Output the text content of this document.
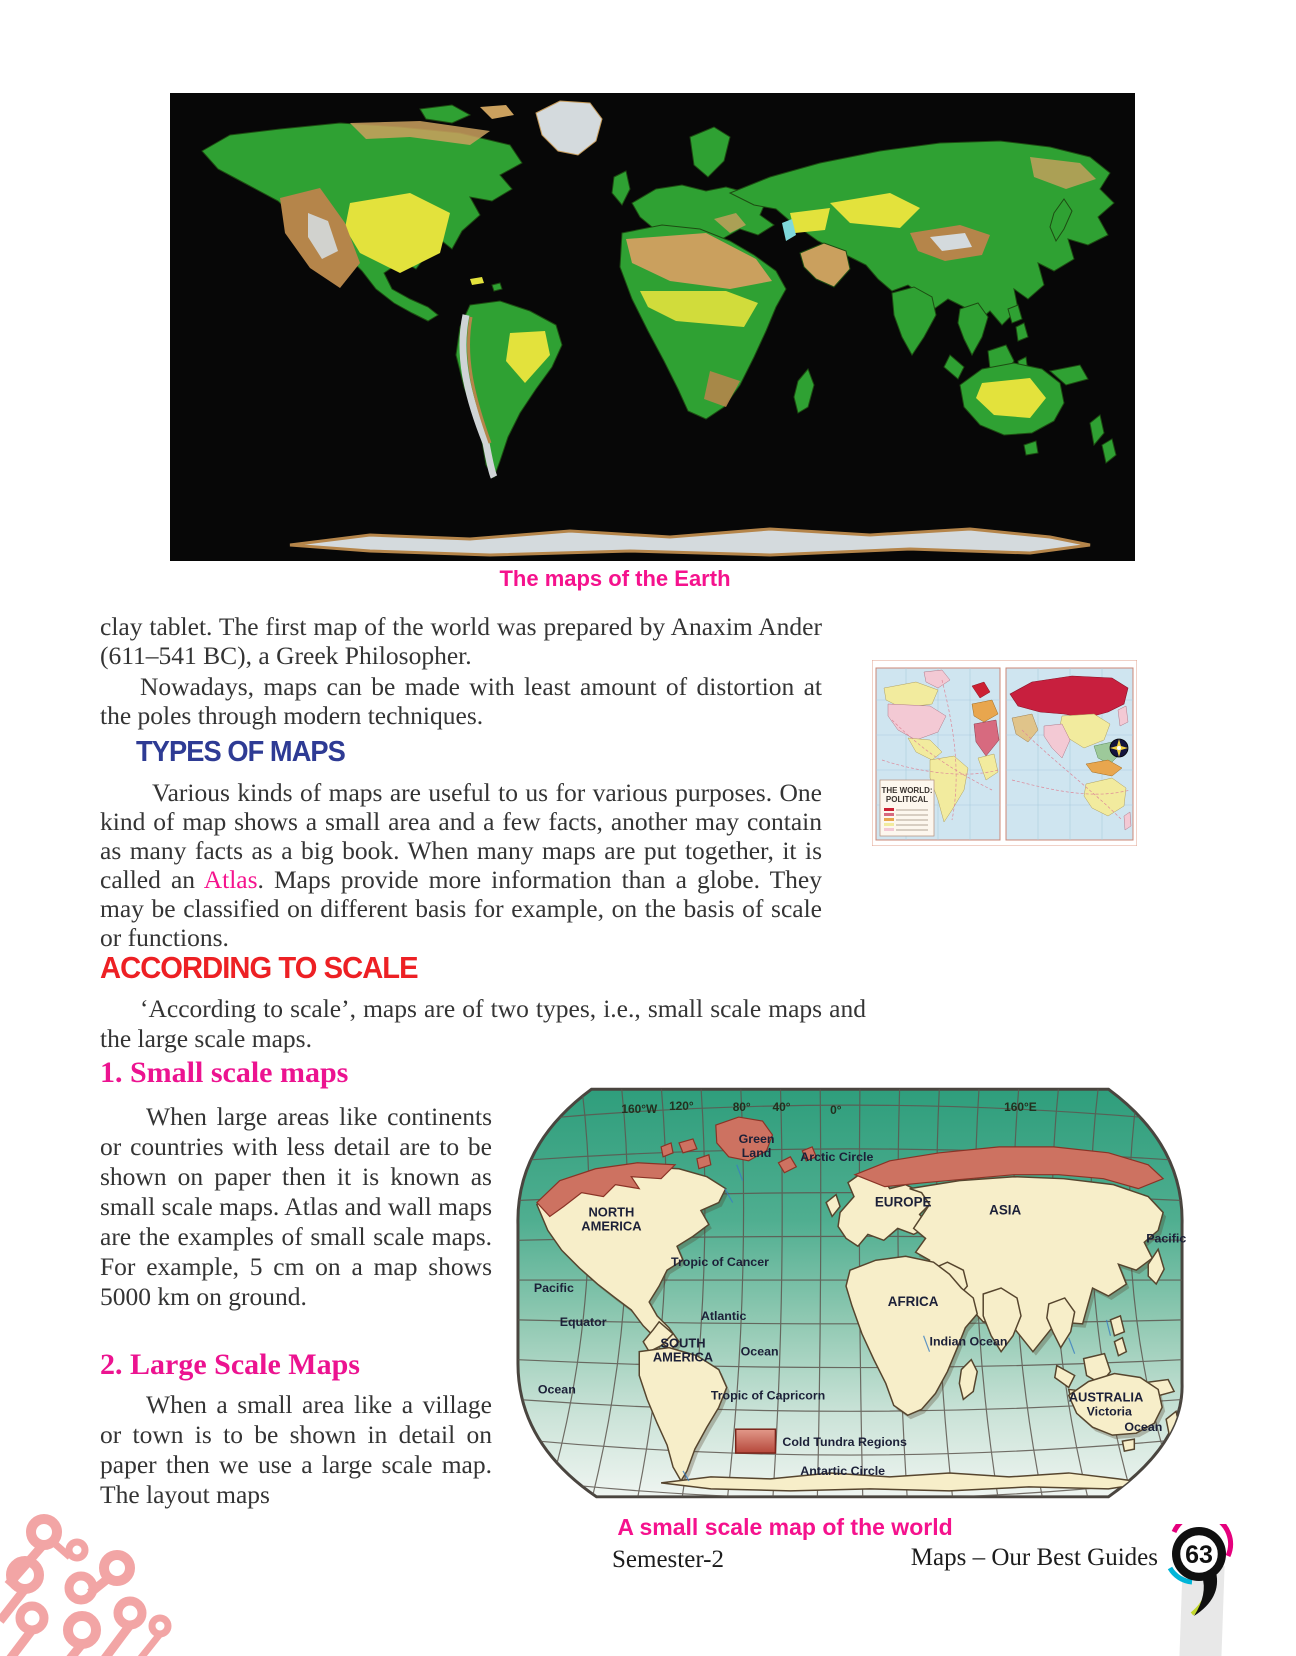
The maps of the Earth
clay tablet. The first map of the world was prepared by Anaxim Ander (611–541 BC), a Greek Philosopher.
Nowadays, maps can be made with least amount of distortion at the poles through modern techniques.
TYPES OF MAPS
Various kinds of maps are useful to us for various purposes. One kind of map shows a small area and a few facts, another may contain as many facts as a big book. When many maps are put together, it is called an Atlas. Maps provide more information than a globe. They may be classified on different basis for example, on the basis of scale or functions.
ACCORDING TO SCALE
‘According to scale’, maps are of two types, i.e., small scale maps and the large scale maps.
1. Small scale maps
When large areas like continents or countries with less detail are to be shown on paper then it is known as small scale maps. Atlas and wall maps are the examples of small scale maps. For example, 5 cm on a map shows 5000 km on ground.
2. Large Scale Maps
When a small area like a village or town is to be shown in detail on paper then we use a large scale map. The layout maps
THE WORLD:
POLITICAL
160°W 120°	80° 40°	0°	160°E
Green
Land Arctic Circle
EUROPE
ASIA
NORTH
AMERICA
Pacific
Tropic of Cancer
Pacific
Atlantic
AFRICA
Equator
SOUTH
AMERICA Ocean
Indian Ocean
Ocean	Tropic of Capricorn	AUSTRALIA
Victoria
Ocean
Cold Tundra Regions
Antartic Circle
A small scale map of the world
Semester-2	Maps – Our Best Guides 63
